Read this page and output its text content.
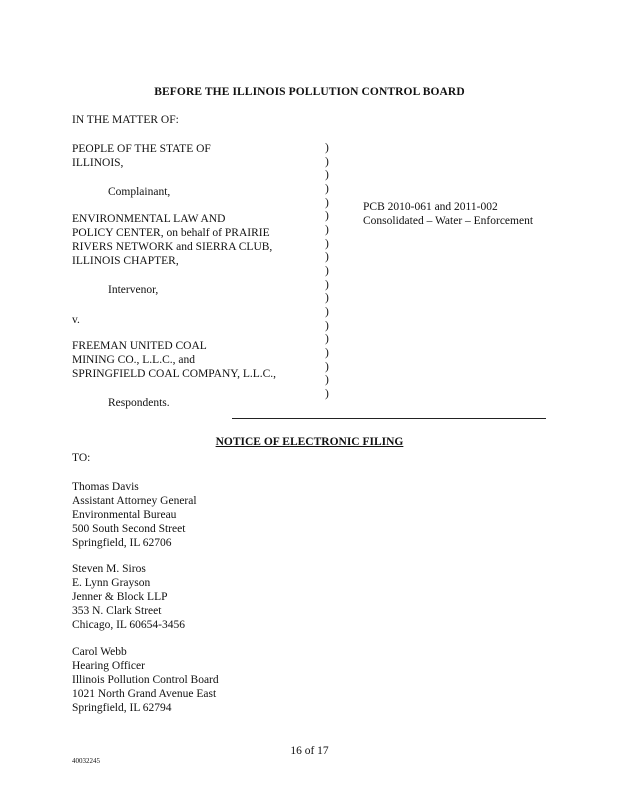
BEFORE THE ILLINOIS POLLUTION CONTROL BOARD
IN THE MATTER OF:
PEOPLE OF THE STATE OF
ILLINOIS,
Complainant,
ENVIRONMENTAL LAW AND
POLICY CENTER, on behalf of PRAIRIE
RIVERS NETWORK and SIERRA CLUB,
ILLINOIS CHAPTER,
Intervenor,
v.
FREEMAN UNITED COAL
MINING CO., L.L.C., and
SPRINGFIELD COAL COMPANY, L.L.C.,
Respondents.
)
)
)
)
)
)
)
)
)
)
)
)
)
)
)
)
)
)
)
PCB 2010-061 and 2011-002
Consolidated – Water – Enforcement
NOTICE OF ELECTRONIC FILING
TO:
Thomas Davis
Assistant Attorney General
Environmental Bureau
500 South Second Street
Springfield, IL 62706
Steven M. Siros
E. Lynn Grayson
Jenner & Block LLP
353 N. Clark Street
Chicago, IL 60654-3456
Carol Webb
Hearing Officer
Illinois Pollution Control Board
1021 North Grand Avenue East
Springfield, IL 62794
16 of 17
40032245
